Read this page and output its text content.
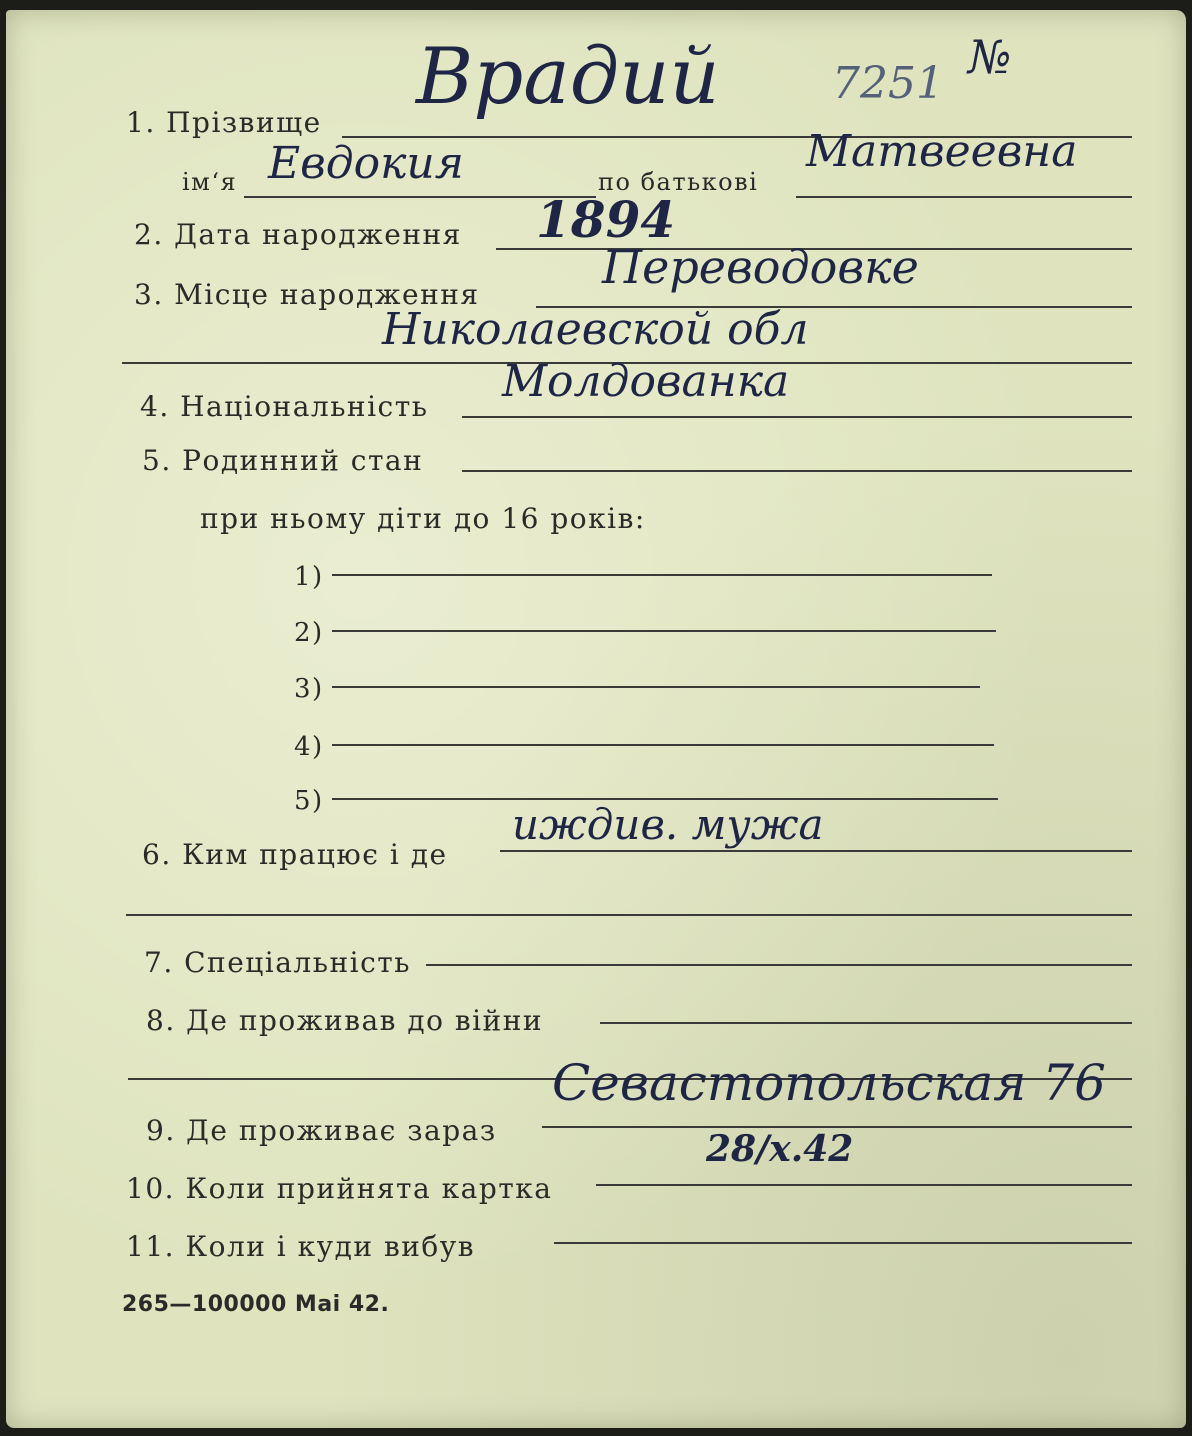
Врадий	7251 №
1. Прізвище
ім‘я Евдокия	по батькові
Матвеевна
2. Дата народження 1894
3. Місце народження
Переводовке
Николаевской обл
4. Національність Молдованка
5. Родинний стан
при ньому діти до 16 років:
1)
2)
3)
4)
5)
6. Ким працює і де
иждив. мужа
7. Спеціальність
8. Де проживав до війни
9. Де проживає зараз
Севастопольская 76
28/х.42
10. Коли прийнята картка
11. Коли і куди вибув
265—100000 Mai 42.
